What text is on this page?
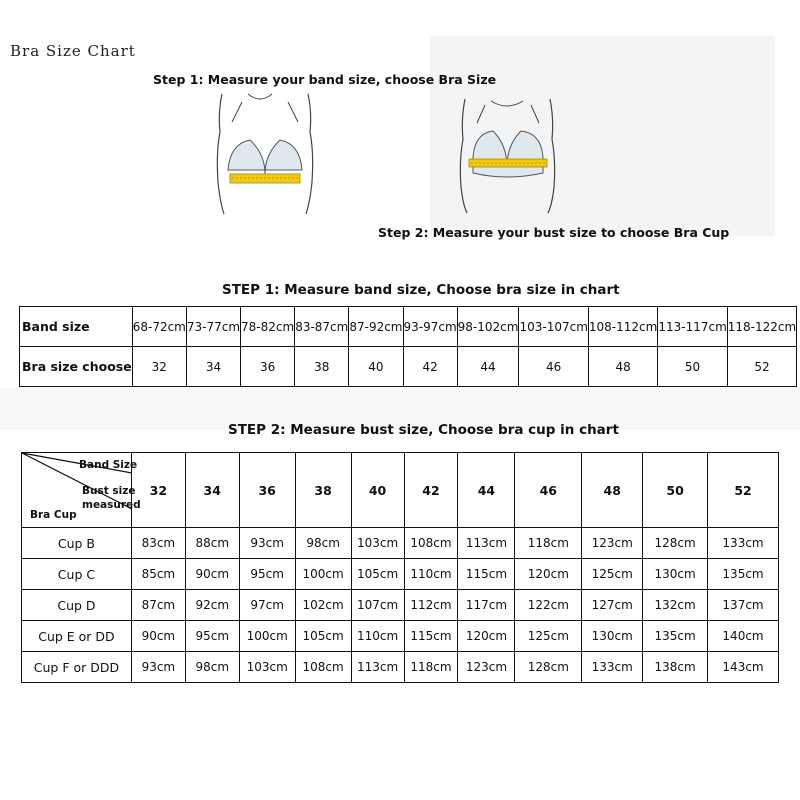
Bra Size Chart
Step 1: Measure your band size, choose Bra Size
Step 2: Measure your bust size to choose Bra Cup
STEP 1: Measure band size, Choose bra size in chart
Band size	68-72cm	73-77cm	78-82cm	83-87cm	87-92cm	93-97cm	98-102cm	103-107cm	108-112cm	113-117cm	118-122cm
Bra size choose	32	34	36	38	40	42	44	46	48	50	52
STEP 2: Measure bust size, Choose bra cup in chart
Band Size
Bust size
measured
Bra Cup	32	34	36	38	40	42	44	46	48	50	52
Cup B	83cm	88cm	93cm	98cm	103cm	108cm	113cm	118cm	123cm	128cm	133cm
Cup C	85cm	90cm	95cm	100cm	105cm	110cm	115cm	120cm	125cm	130cm	135cm
Cup D	87cm	92cm	97cm	102cm	107cm	112cm	117cm	122cm	127cm	132cm	137cm
Cup E or DD	90cm	95cm	100cm	105cm	110cm	115cm	120cm	125cm	130cm	135cm	140cm
Cup F or DDD	93cm	98cm	103cm	108cm	113cm	118cm	123cm	128cm	133cm	138cm	143cm
